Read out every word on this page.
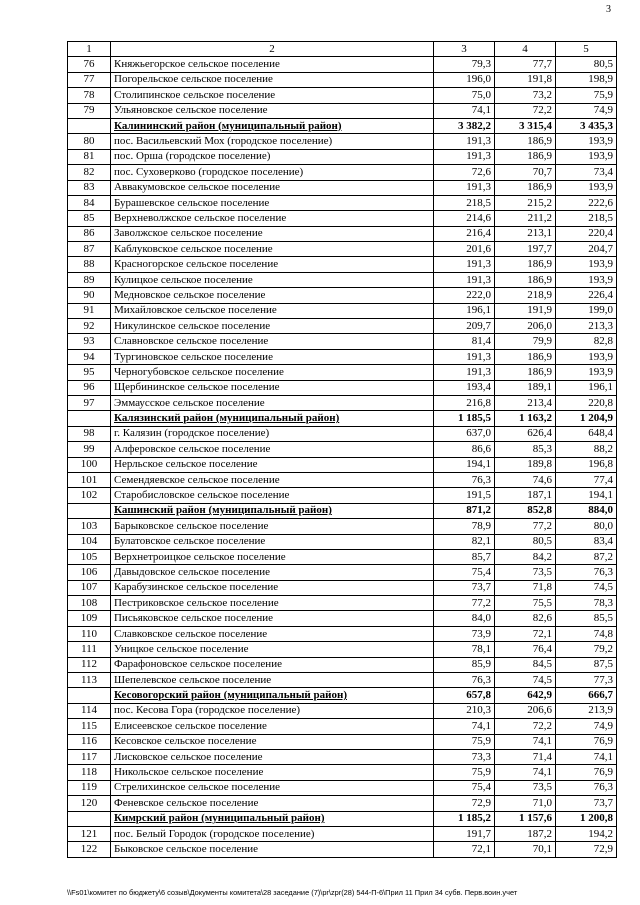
3
1	2	3	4	5
76	Княжьегорское сельское поселение	79,3	77,7	80,5
77	Погорельское сельское поселение	196,0	191,8	198,9
78	Столипинское сельское поселение	75,0	73,2	75,9
79	Ульяновское сельское поселение	74,1	72,2	74,9
	Калининский район (муниципальный район)	3 382,2	3 315,4	3 435,3
80	пос. Васильевский Мох (городское поселение)	191,3	186,9	193,9
81	пос. Орша (городское поселение)	191,3	186,9	193,9
82	пос. Суховерково (городское поселение)	72,6	70,7	73,4
83	Аввакумовское сельское поселение	191,3	186,9	193,9
84	Бурашевское сельское поселение	218,5	215,2	222,6
85	Верхневолжское сельское поселение	214,6	211,2	218,5
86	Заволжское сельское поселение	216,4	213,1	220,4
87	Каблуковское сельское поселение	201,6	197,7	204,7
88	Красногорское сельское поселение	191,3	186,9	193,9
89	Кулицкое сельское поселение	191,3	186,9	193,9
90	Медновское сельское поселение	222,0	218,9	226,4
91	Михайловское сельское поселение	196,1	191,9	199,0
92	Никулинское сельское поселение	209,7	206,0	213,3
93	Славновское сельское поселение	81,4	79,9	82,8
94	Тургиновское сельское поселение	191,3	186,9	193,9
95	Черногубовское сельское поселение	191,3	186,9	193,9
96	Щербининское сельское поселение	193,4	189,1	196,1
97	Эммаусское сельское поселение	216,8	213,4	220,8
	Калязинский район (муниципальный район)	1 185,5	1 163,2	1 204,9
98	г. Калязин (городское поселение)	637,0	626,4	648,4
99	Алферовское сельское поселение	86,6	85,3	88,2
100	Нерльское сельское поселение	194,1	189,8	196,8
101	Семендяевское сельское поселение	76,3	74,6	77,4
102	Старобисловское сельское поселение	191,5	187,1	194,1
	Кашинский район (муниципальный район)	871,2	852,8	884,0
103	Барыковское сельское поселение	78,9	77,2	80,0
104	Булатовское сельское поселение	82,1	80,5	83,4
105	Верхнетроицкое сельское поселение	85,7	84,2	87,2
106	Давыдовское сельское поселение	75,4	73,5	76,3
107	Карабузинское сельское поселение	73,7	71,8	74,5
108	Пестриковское сельское поселение	77,2	75,5	78,3
109	Письяковское сельское поселение	84,0	82,6	85,5
110	Славковское сельское поселение	73,9	72,1	74,8
111	Уницкое сельское поселение	78,1	76,4	79,2
112	Фарафоновское сельское поселение	85,9	84,5	87,5
113	Шепелевское сельское поселение	76,3	74,5	77,3
	Кесовогорский район (муниципальный район)	657,8	642,9	666,7
114	пос. Кесова Гора (городское поселение)	210,3	206,6	213,9
115	Елисеевское сельское поселение	74,1	72,2	74,9
116	Кесовское сельское поселение	75,9	74,1	76,9
117	Лисковское сельское поселение	73,3	71,4	74,1
118	Никольское сельское поселение	75,9	74,1	76,9
119	Стрелихинское сельское поселение	75,4	73,5	76,3
120	Феневское сельское поселение	72,9	71,0	73,7
	Кимрский район (муниципальный район)	1 185,2	1 157,6	1 200,8
121	пос. Белый Городок (городское поселение)	191,7	187,2	194,2
122	Быковское сельское поселение	72,1	70,1	72,9
\\Fs01\комитет по бюджету\6 созыв\Документы комитета\28 заседание (7)\pr\zpr(28) 544-П-6\Прил 11 Прил 34 субв. Перв.воин.учет
